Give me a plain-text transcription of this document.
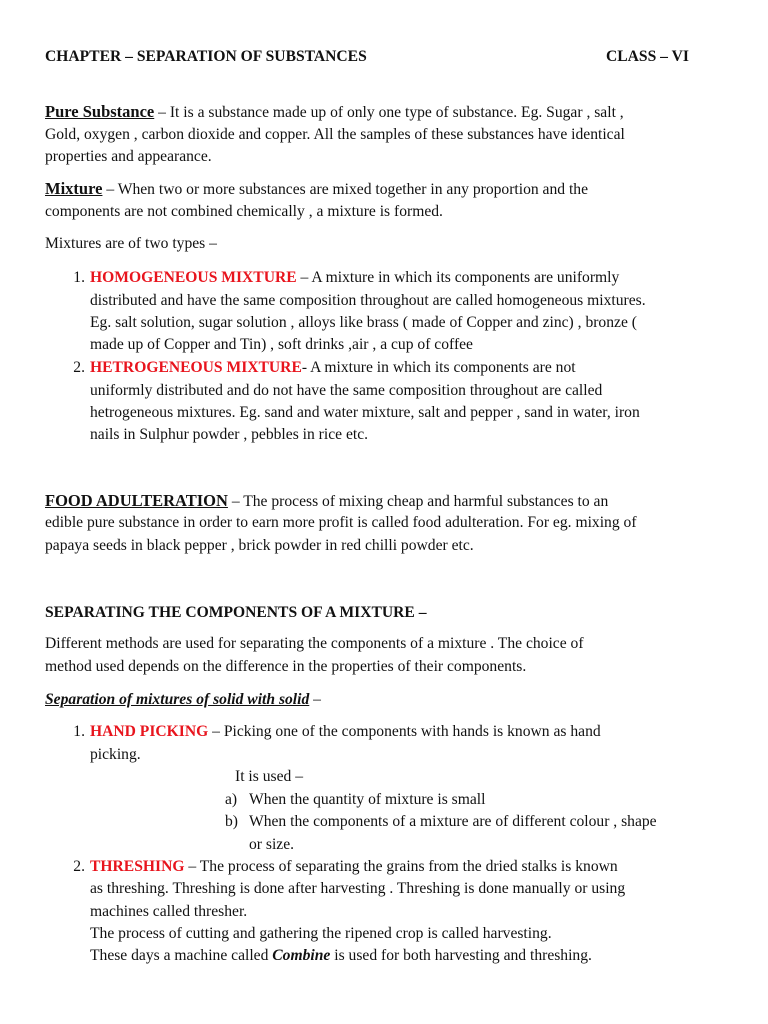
CHAPTER – SEPARATION OF SUBSTANCES	CLASS – VI
Pure Substance – It is a substance made up of only one type of substance. Eg. Sugar , salt ,
Gold, oxygen , carbon dioxide and copper. All the samples of these substances have identical
properties and appearance.
Mixture – When two or more substances are mixed together in any proportion and the
components are not combined chemically , a mixture is formed.
Mixtures are of two types –
1. HOMOGENEOUS MIXTURE – A mixture in which its components are uniformly
distributed and have the same composition throughout are called homogeneous mixtures.
Eg. salt solution, sugar solution , alloys like brass ( made of Copper and zinc) , bronze (
made up of Copper and Tin) , soft drinks ,air , a cup of coffee
2. HETROGENEOUS MIXTURE- A mixture in which its components are not
uniformly distributed and do not have the same composition throughout are called
hetrogeneous mixtures. Eg. sand and water mixture, salt and pepper , sand in water, iron
nails in Sulphur powder , pebbles in rice etc.
FOOD ADULTERATION – The process of mixing cheap and harmful substances to an
edible pure substance in order to earn more profit is called food adulteration. For eg. mixing of
papaya seeds in black pepper , brick powder in red chilli powder etc.
SEPARATING THE COMPONENTS OF A MIXTURE –
Different methods are used for separating the components of a mixture . The choice of
method used depends on the difference in the properties of their components.
Separation of mixtures of solid with solid –
1. HAND PICKING – Picking one of the components with hands is known as hand
picking.
It is used –
a) When the quantity of mixture is small
b) When the components of a mixture are of different colour , shape
or size.
2. THRESHING – The process of separating the grains from the dried stalks is known
as threshing. Threshing is done after harvesting . Threshing is done manually or using
machines called thresher.
The process of cutting and gathering the ripened crop is called harvesting.
These days a machine called Combine is used for both harvesting and threshing.
